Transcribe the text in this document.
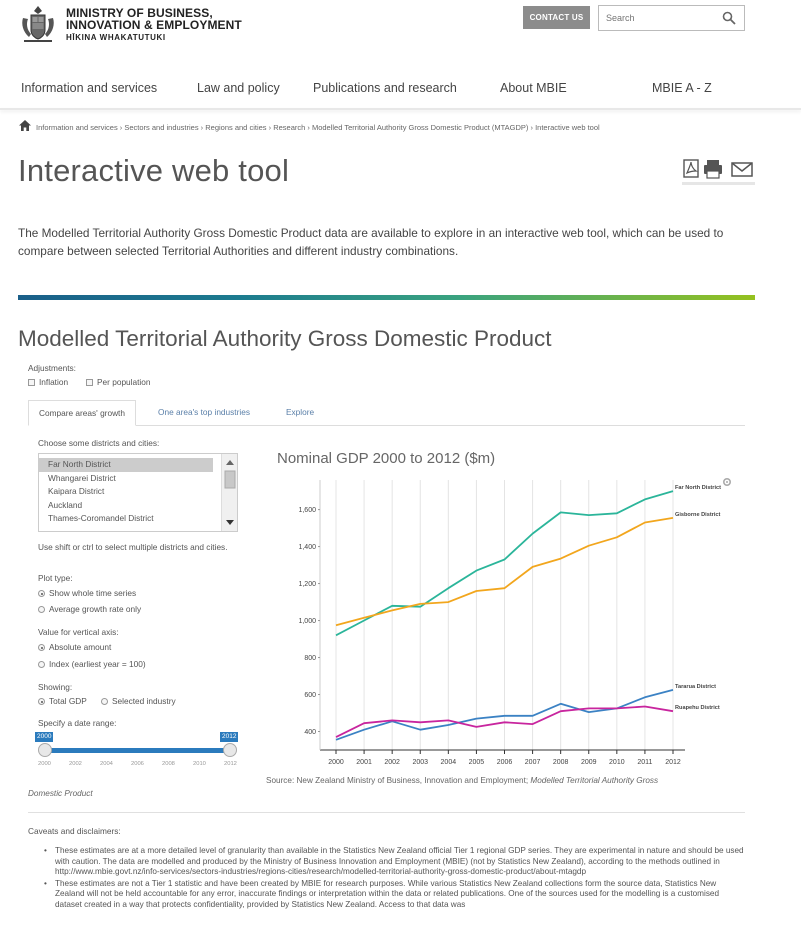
MINISTRY OF BUSINESS,
INNOVATION & EMPLOYMENT
HĪKINA WHAKATUTUKI
CONTACT US
Search
Information and services	Law and policy	Publications and research	About MBIE	MBIE A - Z
Information and services › Sectors and industries › Regions and cities › Research › Modelled Territorial Authority Gross Domestic Product (MTAGDP) › Interactive web tool
Interactive web tool
The Modelled Territorial Authority Gross Domestic Product data are available to explore in an interactive web tool, which can be used to compare between selected Territorial Authorities and different industry combinations.
Modelled Territorial Authority Gross Domestic Product
Adjustments:
Inflation	Per population
Compare areas' growth	One area's top industries	Explore
Choose some districts and cities:
Far North District
Whangarei District
Kaipara District
Auckland
Thames-Coromandel District
Use shift or ctrl to select multiple districts and cities.
Plot type:
Show whole time series
Average growth rate only
Value for vertical axis:
Absolute amount
Index (earliest year = 100)
Showing:
Total GDP	Selected industry
Specify a date range:
2000	2012
2000	2002	2004	2006	2008	2010	2012
Nominal GDP 2000 to 2012 ($m)
400
600
800
1,000
1,200
1,400
1,600
2000 2001 2002 2003 2004 2005 2006 2007 2008 2009 2010 2011 2012
Far North District
Gisborne District
Tararua District
Ruapehu District
Source: New Zealand Ministry of Business, Innovation and Employment; Modelled Territorial Authority Gross
Domestic Product
Caveats and disclaimers:
• These estimates are at a more detailed level of granularity than available in the Statistics New Zealand official Tier 1 regional GDP series. They are experimental in nature and should be used with caution. The data are modelled and produced by the Ministry of Business Innovation and Employment (MBIE) (not by Statistics New Zealand), according to the methods outlined in http://www.mbie.govt.nz/info-services/sectors-industries/regions-cities/research/modelled-territorial-authority-gross-domestic-product/about-mtagdp
• These estimates are not a Tier 1 statistic and have been created by MBIE for research purposes. While various Statistics New Zealand collections form the source data, Statistics New Zealand will not be held accountable for any error, inaccurate findings or interpretation within the data or related publications. One of the sources used for the modelling is a customised dataset created in a way that protects confidentiality, provided by Statistics New Zealand. Access to that data was
